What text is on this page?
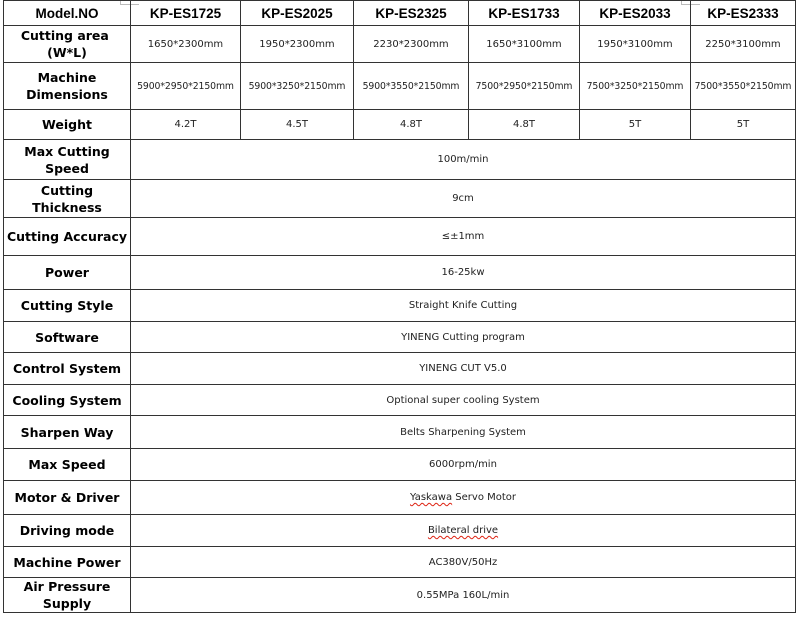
Model.NO	KP-ES1725	KP-ES2025	KP-ES2325	KP-ES1733	KP-ES2033	KP-ES2333
Cutting area  (W*L)	1650*2300mm	1950*2300mm	2230*2300mm	1650*3100mm	1950*3100mm	2250*3100mm
Machine Dimensions	5900*2950*2150mm	5900*3250*2150mm	5900*3550*2150mm	7500*2950*2150mm	7500*3250*2150mm	7500*3550*2150mm
Weight	4.2T	4.5T	4.8T	4.8T	5T	5T
Max Cutting Speed	100m/min					
Cutting Thickness	9cm					
Cutting Accuracy	≤±1mm					
Power	16-25kw					
Cutting Style	Straight Knife Cutting					
Software	YINENG Cutting program					
Control System	YINENG CUT V5.0					
Cooling System	Optional super cooling System					
Sharpen Way	Belts Sharpening System					
Max Speed	6000rpm/min					
Motor & Driver	Yaskawa Servo Motor					
Driving mode	Bilateral drive					
Machine Power	AC380V/50Hz					
Air Pressure Supply	0.55MPa 160L/min					
